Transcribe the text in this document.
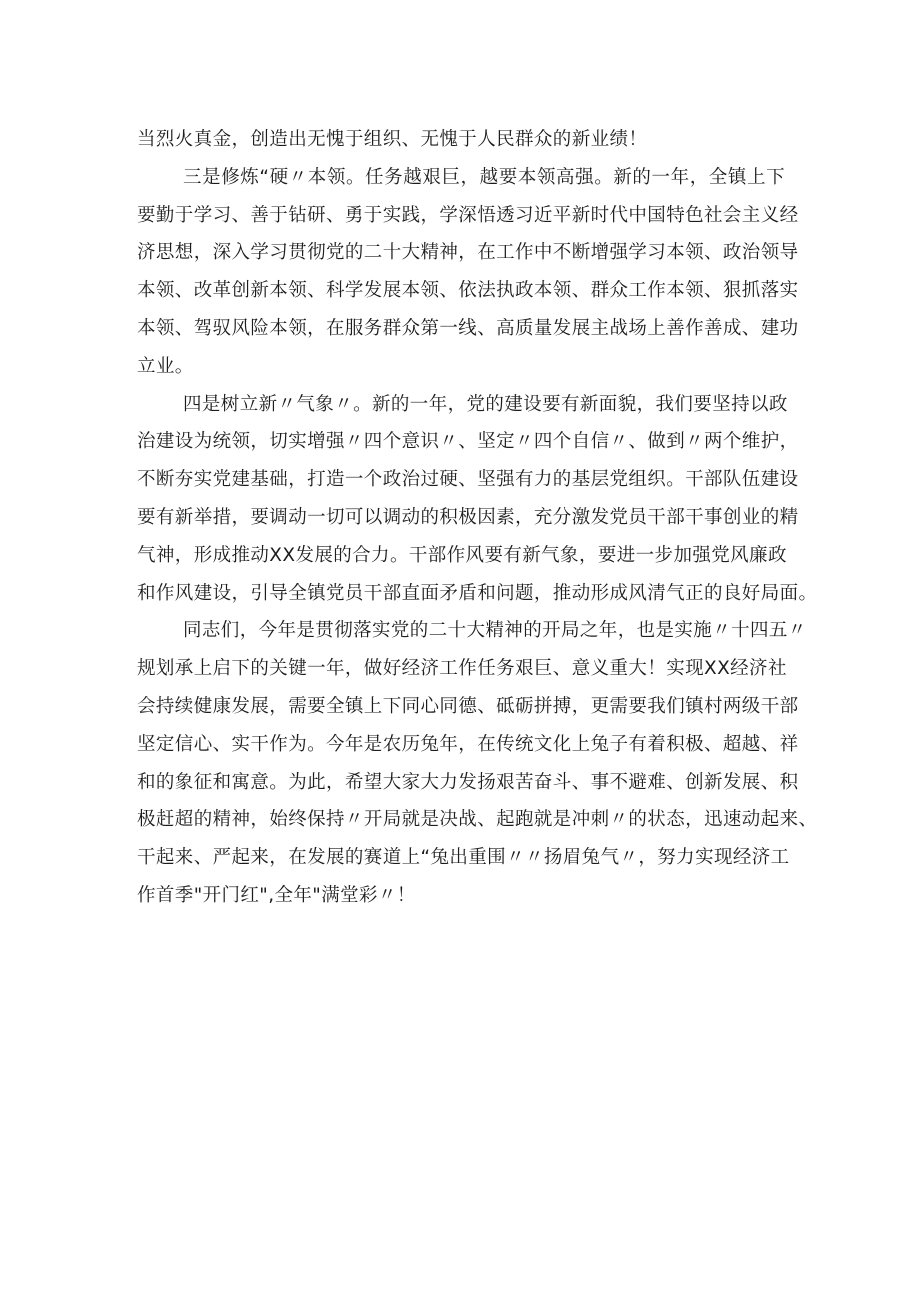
当烈火真金，创造出无愧于组织、无愧于人民群众的新业绩！
三是修炼“硬〃本领。任务越艰巨，越要本领高强。新的一年，全镇上下
要勤于学习、善于钻研、勇于实践，学深悟透习近平新时代中国特色社会主义经
济思想，深入学习贯彻党的二十大精神，在工作中不断增强学习本领、政治领导
本领、改革创新本领、科学发展本领、依法执政本领、群众工作本领、狠抓落实
本领、驾驭风险本领，在服务群众第一线、高质量发展主战场上善作善成、建功
立业。
四是树立新〃气象〃。新的一年，党的建设要有新面貌，我们要坚持以政
治建设为统领，切实增强〃四个意识〃、坚定〃四个自信〃、做到〃两个维护，
不断夯实党建基础，打造一个政治过硬、坚强有力的基层党组织。干部队伍建设
要有新举措，要调动一切可以调动的积极因素，充分激发党员干部干事创业的精
气神，形成推动XX发展的合力。干部作风要有新气象，要进一步加强党风廉政
和作风建设，引导全镇党员干部直面矛盾和问题，推动形成风清气正的良好局面。
同志们，今年是贯彻落实党的二十大精神的开局之年，也是实施〃十四五〃
规划承上启下的关键一年，做好经济工作任务艰巨、意义重大！实现XX经济社
会持续健康发展，需要全镇上下同心同德、砥砺拼搏，更需要我们镇村两级干部
坚定信心、实干作为。今年是农历兔年，在传统文化上兔子有着积极、超越、祥
和的象征和寓意。为此，希望大家大力发扬艰苦奋斗、事不避难、创新发展、积
极赶超的精神，始终保持〃开局就是决战、起跑就是冲刺〃的状态，迅速动起来、
干起来、严起来，在发展的赛道上“兔出重围〃〃扬眉兔气〃，努力实现经济工
作首季"开门红",全年"满堂彩〃！
